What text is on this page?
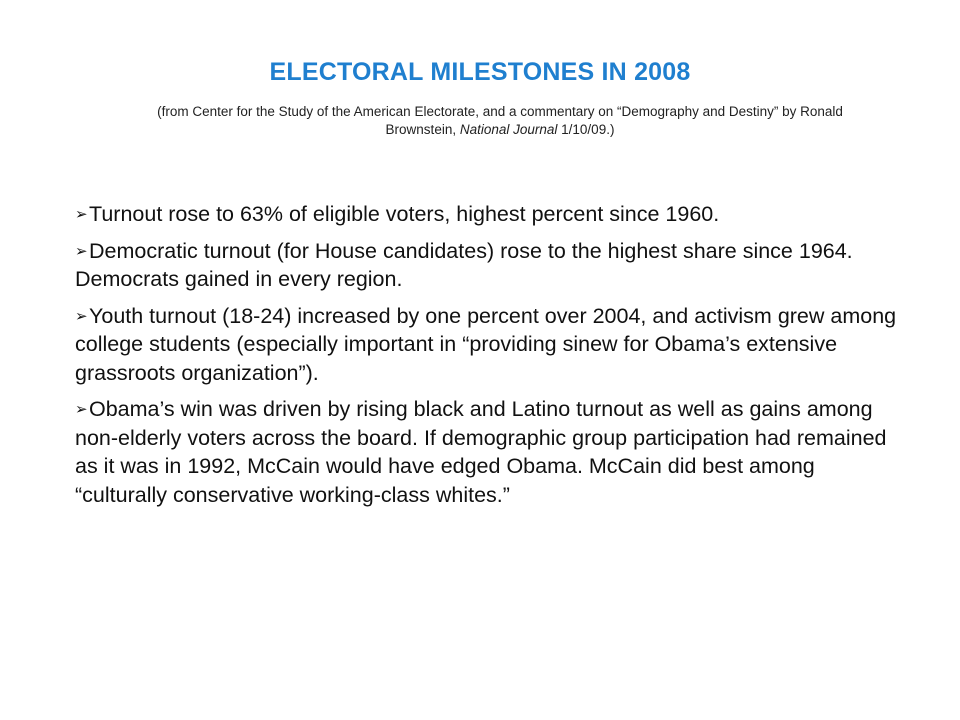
ELECTORAL MILESTONES IN 2008

(from Center for the Study of the American Electorate, and a commentary on “Demography and Destiny” by Ronald Brownstein, National Journal 1/10/09.)

➢Turnout rose to 63% of eligible voters, highest percent since 1960.
➢Democratic turnout (for House candidates) rose to the highest share since 1964. Democrats gained in every region.
➢Youth turnout (18-24) increased by one percent over 2004, and activism grew among college students (especially important in “providing sinew for Obama’s extensive grassroots organization”).
➢Obama’s win was driven by rising black and Latino turnout as well as gains among non-elderly voters across the board. If demographic group participation had remained as it was in 1992, McCain would have edged Obama. McCain did best among “culturally conservative working-class whites.”
